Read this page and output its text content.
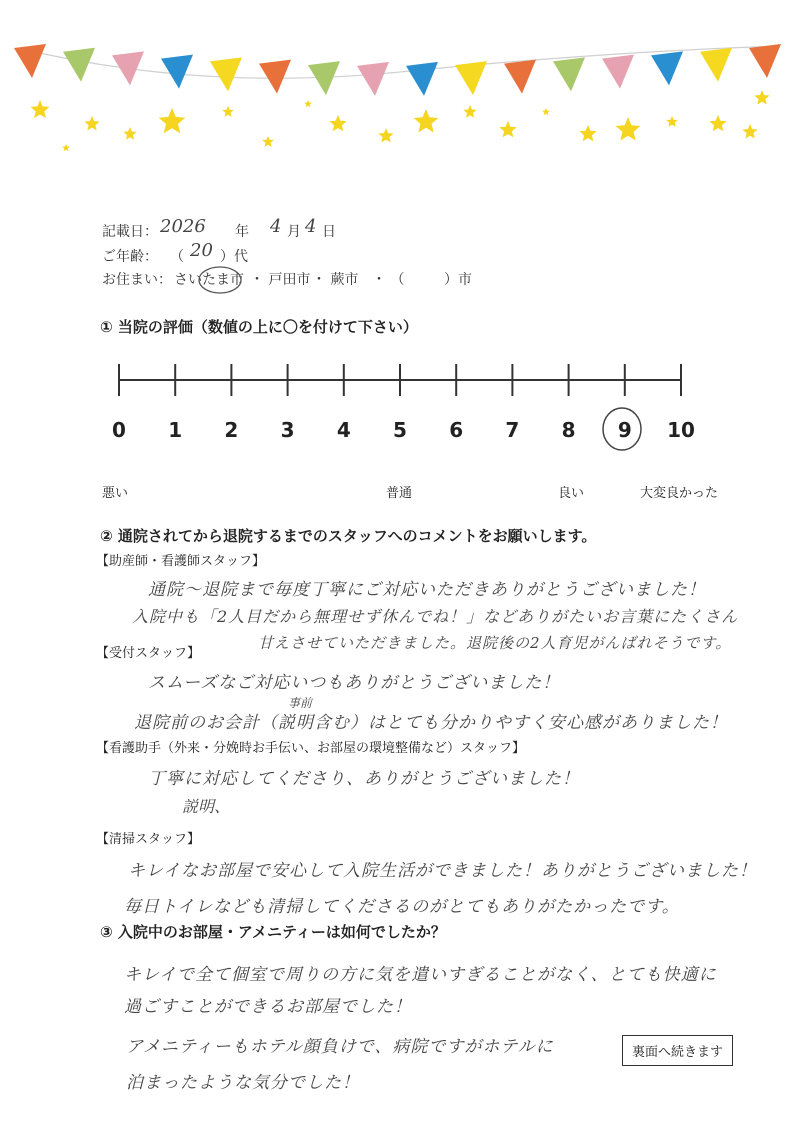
記載日： 2026 年 4 月 4 日
ご年齢： （ 20 ）代
お住まい： さいたま市 ・ 戸田市 ・ 蕨市 ・ （	）市
① 当院の評価（数値の上に〇を付けて下さい）
0	1	2	3	4	5	6	7	8	9	10
悪い	普通	良い	大変良かった
② 通院されてから退院するまでのスタッフへのコメントをお願いします。
【助産師・看護師スタッフ】
通院～退院まで毎度丁寧にご対応いただきありがとうございました！
入院中も「2人目だから無理せず休んでね！」などありがたいお言葉にたくさん
甘えさせていただきました。退院後の2人育児がんばれそうです。
【受付スタッフ】
スムーズなご対応いつもありがとうございました！
事前
退院前のお会計（説明含む）はとても分かりやすく安心感がありました！
【看護助手（外来・分娩時お手伝い、お部屋の環境整備など）スタッフ】
丁寧に対応してくださり、ありがとうございました！
説明、
【清掃スタッフ】
キレイなお部屋で安心して入院生活ができました！ありがとうございました！
毎日トイレなども清掃してくださるのがとてもありがたかったです。
③ 入院中のお部屋・アメニティーは如何でしたか？
キレイで全て個室で周りの方に気を遣いすぎることがなく、とても快適に
過ごすことができるお部屋でした！
アメニティーもホテル顔負けで、病院ですがホテルに
泊まったような気分でした！
裏面へ続きます
